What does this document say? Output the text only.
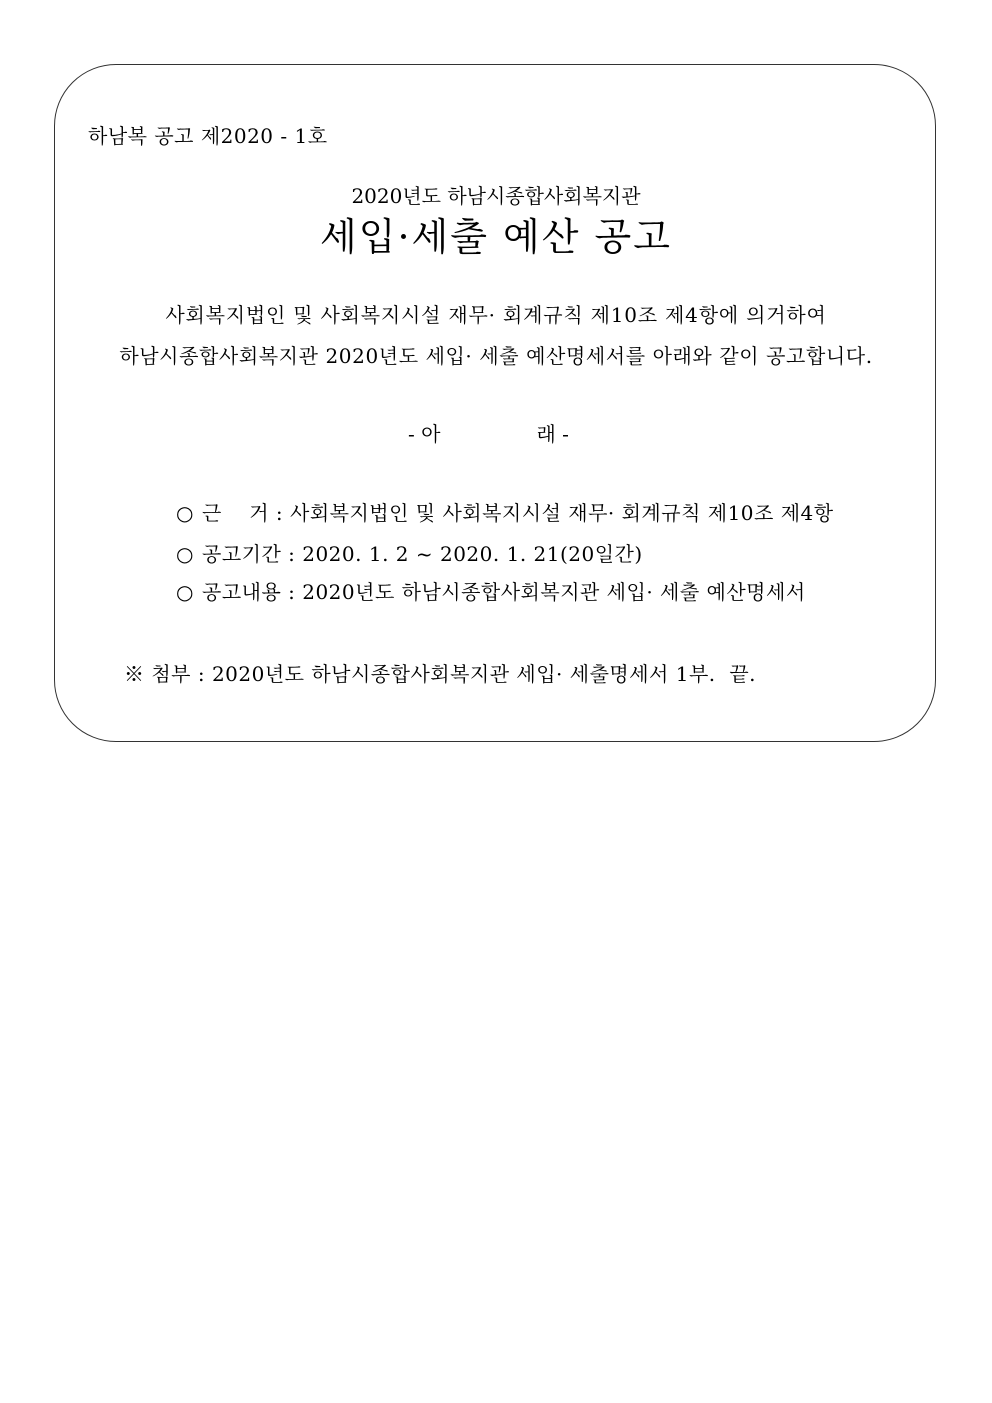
하남복 공고 제2020 - 1호
2020년도 하남시종합사회복지관
세입·세출 예산 공고
사회복지법인 및 사회복지시설 재무· 회계규칙 제10조 제4항에 의거하여
하남시종합사회복지관 2020년도 세입· 세출 예산명세서를 아래와 같이 공고합니다.
- 아	래 -
○ 근    거 : 사회복지법인 및 사회복지시설 재무· 회계규칙 제10조 제4항
○ 공고기간 : 2020. 1. 2 ~ 2020. 1. 21(20일간)
○ 공고내용 : 2020년도 하남시종합사회복지관 세입· 세출 예산명세서
※ 첨부 : 2020년도 하남시종합사회복지관 세입· 세출명세서 1부.  끝.
